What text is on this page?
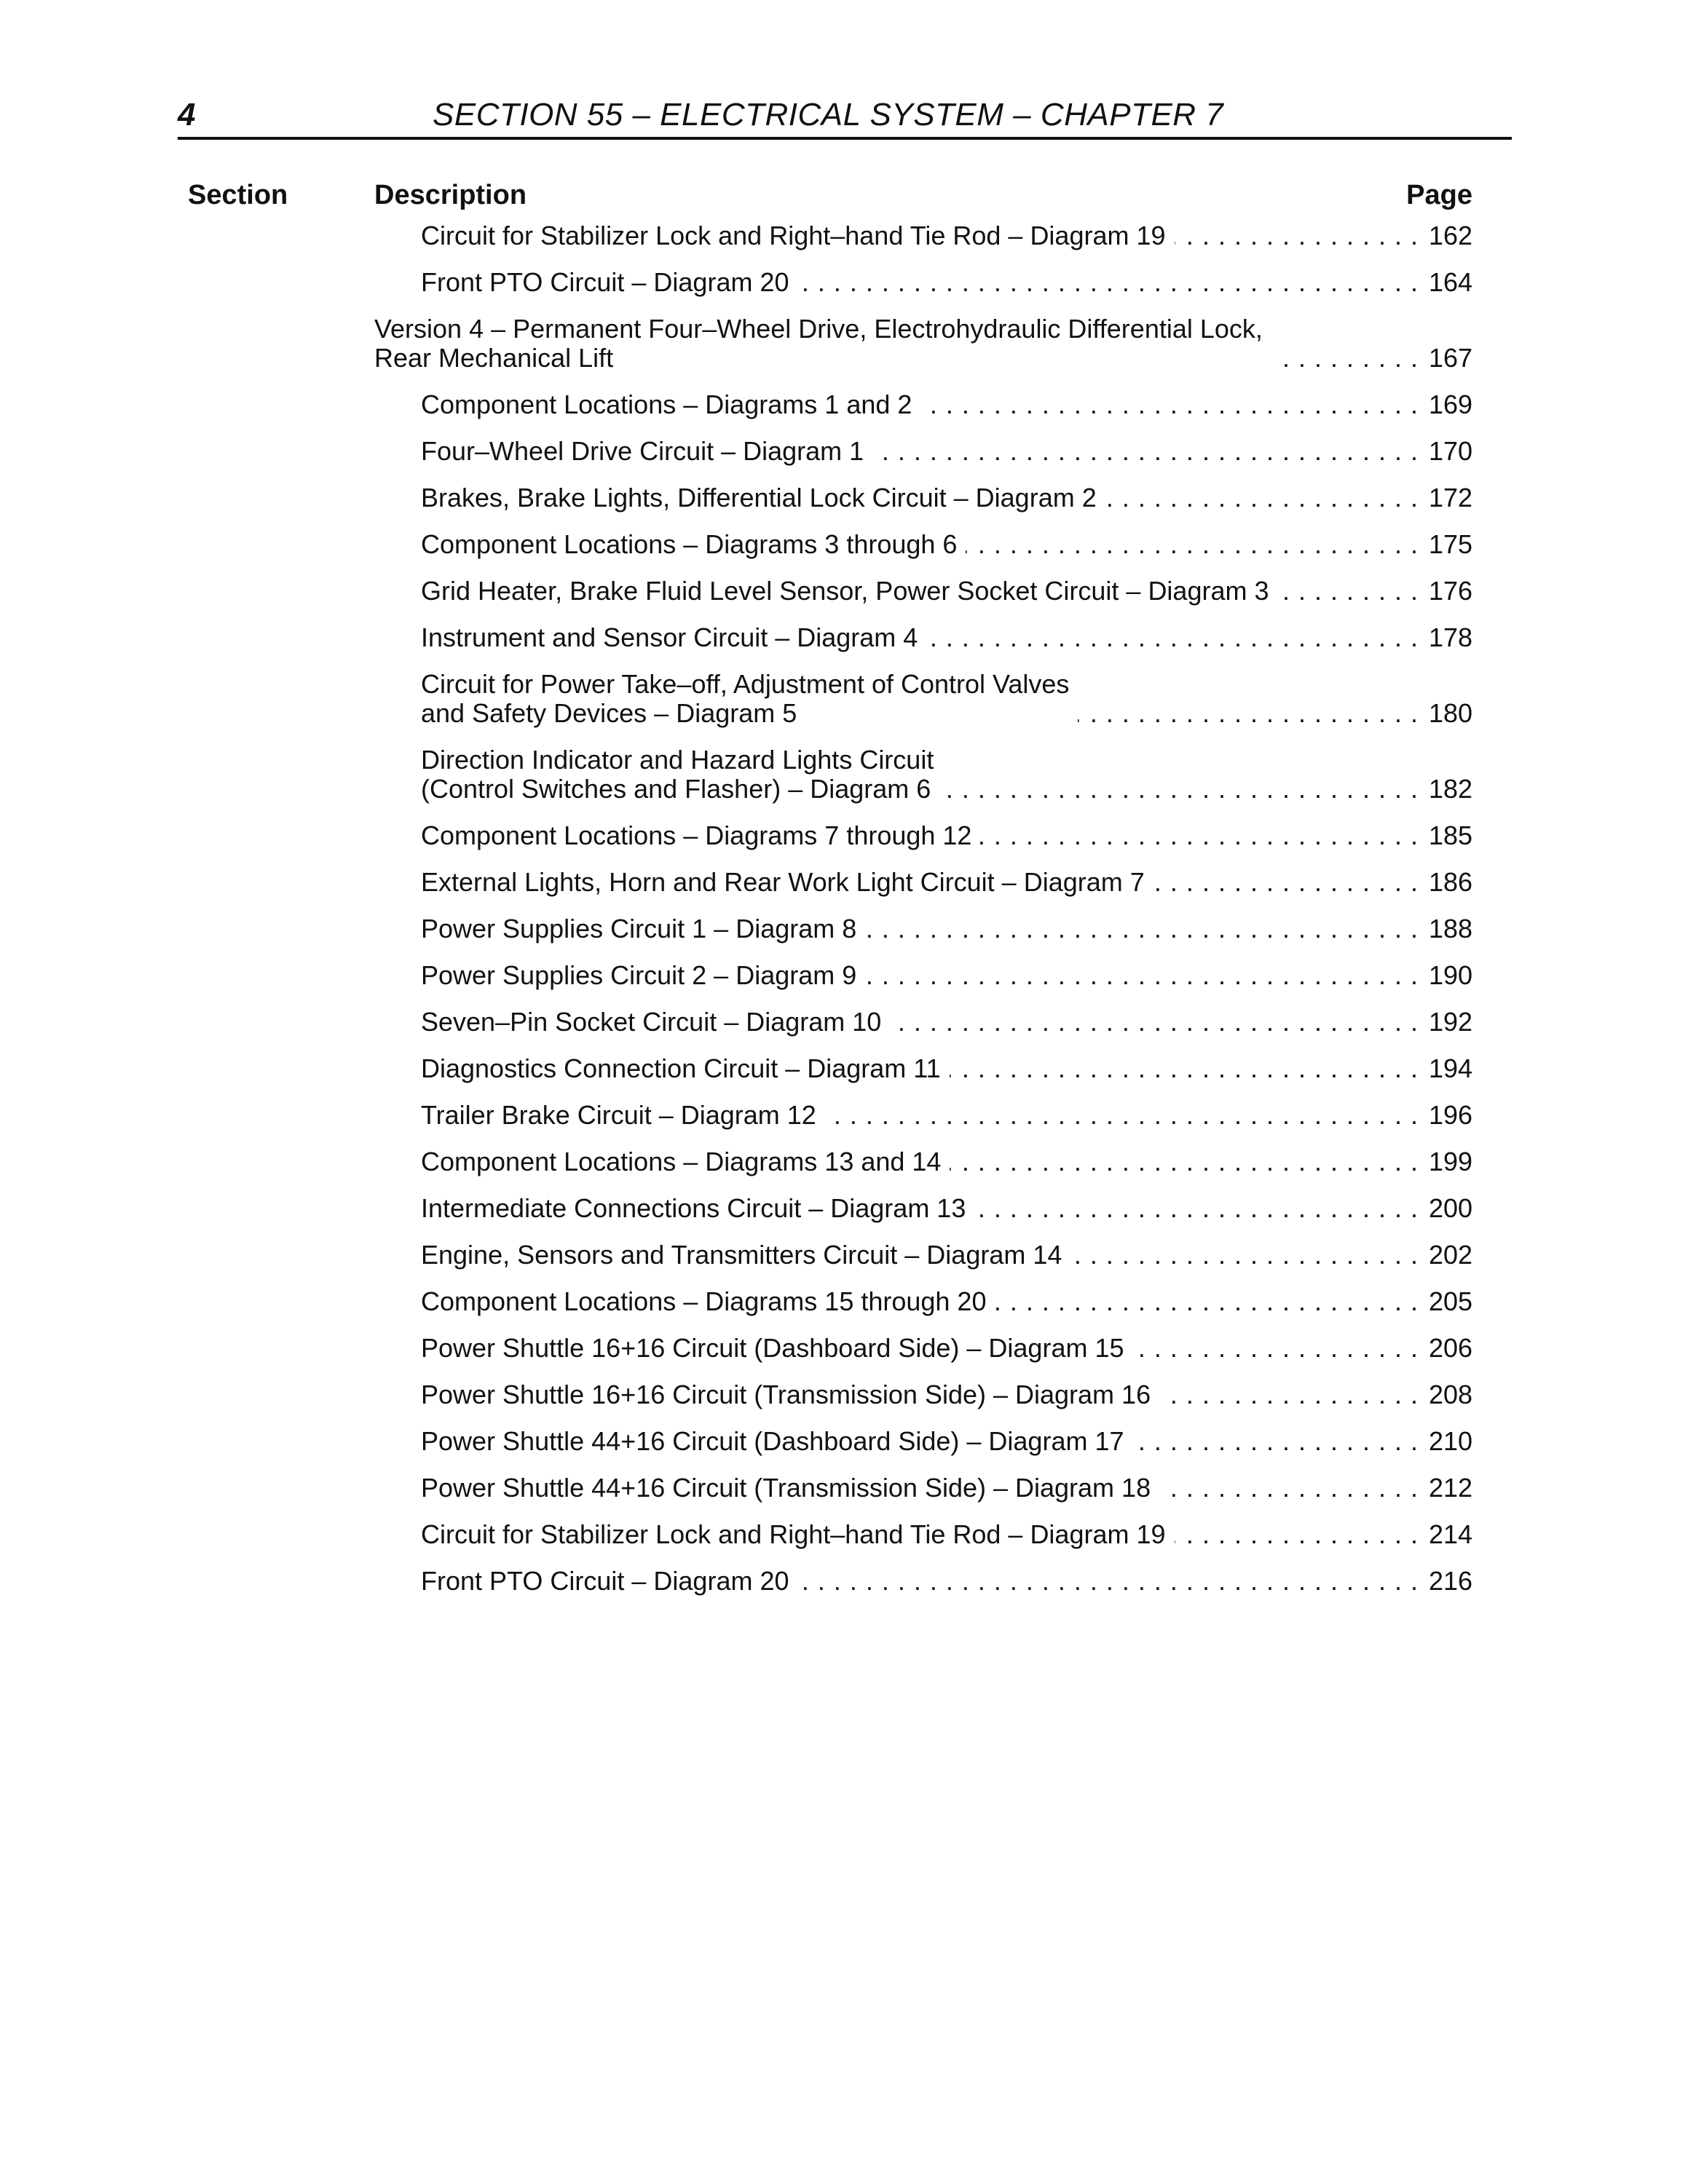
4	SECTION 55 – ELECTRICAL SYSTEM – CHAPTER 7
Section	Description	Page
Circuit for Stabilizer Lock and Right–hand Tie Rod – Diagram 19 . . .	162
Front PTO Circuit – Diagram 20 . . .	164
Version 4 – Permanent Four–Wheel Drive, Electrohydraulic Differential Lock,
Rear Mechanical Lift . . .	167
Component Locations – Diagrams 1 and 2 . . .	169
Four–Wheel Drive Circuit – Diagram 1 . . .	170
Brakes, Brake Lights, Differential Lock Circuit – Diagram 2 . . .	172
Component Locations – Diagrams 3 through 6 . . .	175
Grid Heater, Brake Fluid Level Sensor, Power Socket Circuit – Diagram 3 . . .	176
Instrument and Sensor Circuit – Diagram 4 . . .	178
Circuit for Power Take–off, Adjustment of Control Valves
and Safety Devices – Diagram 5 . . .	180
Direction Indicator and Hazard Lights Circuit
(Control Switches and Flasher) – Diagram 6 . . .	182
Component Locations – Diagrams 7 through 12 . . .	185
External Lights, Horn and Rear Work Light Circuit – Diagram 7 . . .	186
Power Supplies Circuit 1 – Diagram 8 . . .	188
Power Supplies Circuit 2 – Diagram 9 . . .	190
Seven–Pin Socket Circuit – Diagram 10 . . .	192
Diagnostics Connection Circuit – Diagram 11 . . .	194
Trailer Brake Circuit – Diagram 12 . . .	196
Component Locations – Diagrams 13 and 14 . . .	199
Intermediate Connections Circuit – Diagram 13 . . .	200
Engine, Sensors and Transmitters Circuit – Diagram 14 . . .	202
Component Locations – Diagrams 15 through 20 . . .	205
Power Shuttle 16+16 Circuit (Dashboard Side) – Diagram 15 . . .	206
Power Shuttle 16+16 Circuit (Transmission Side) – Diagram 16 . . .	208
Power Shuttle 44+16 Circuit (Dashboard Side) – Diagram 17 . . .	210
Power Shuttle 44+16 Circuit (Transmission Side) – Diagram 18 . . .	212
Circuit for Stabilizer Lock and Right–hand Tie Rod – Diagram 19 . . .	214
Front PTO Circuit – Diagram 20 . . .	216
